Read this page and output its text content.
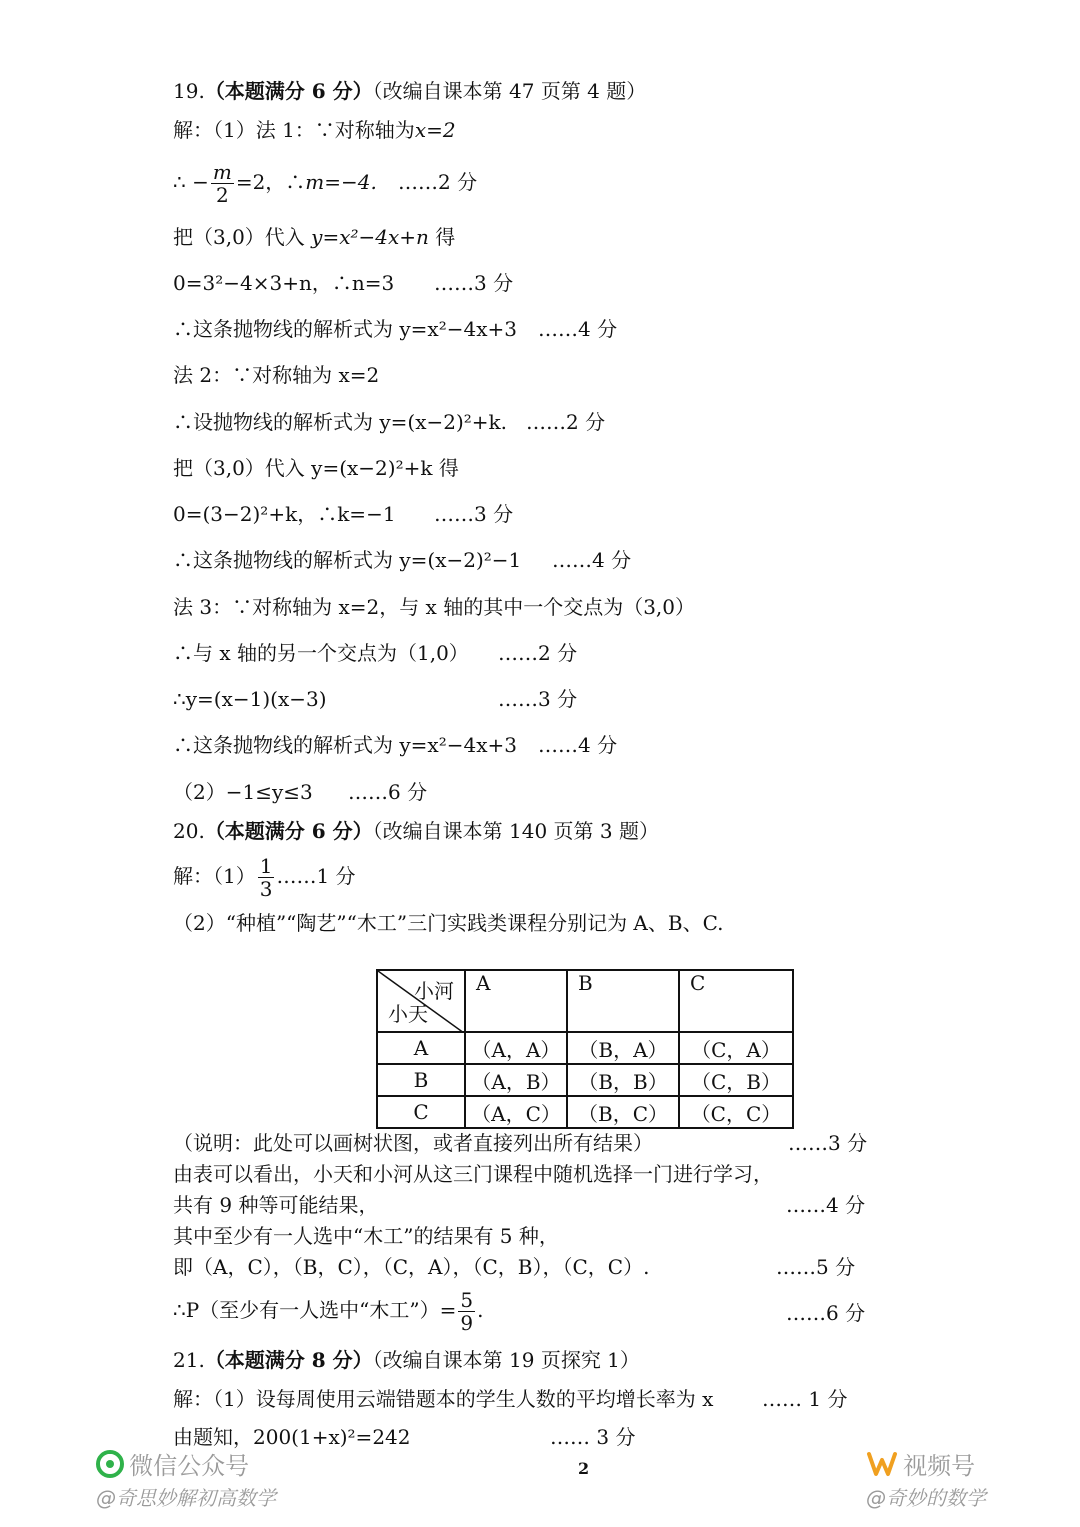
19.（本题满分 6 分）（改编自课本第 47 页第 4 题）
解：（1）法 1：∵对称轴为x=2
∴ − $\frac{m}{2} =2$，∴m=−4. ……2 分
把（3,0）代入 y=x²−4x+n 得
0=3²−4×3+n，∴n=3 ……3 分
∴这条抛物线的解析式为 y=x²−4x+3 ……4 分
法 2：∵对称轴为 x=2
∴设抛物线的解析式为 y=(x−2)²+k. ……2 分
把（3,0）代入 y=(x−2)²+k 得
0=(3−2)²+k，∴k=−1 ……3 分
∴这条抛物线的解析式为 y=(x−2)²−1 ……4 分
法 3：∵对称轴为 x=2，与 x 轴的其中一个交点为（3,0）
∴与 x 轴的另一个交点为（1,0） ……2 分
∴y=(x−1)(x−3)	……3 分
∴这条抛物线的解析式为 y=x²−4x+3 ……4 分
（2）−1≤y≤3 ……6 分
20.（本题满分 6 分）（改编自课本第 140 页第 3 题）
解：$(1) \frac{1}{3}$ ……1 分
（2）“种植”“陶艺”“木工”三门实践类课程分别记为 A、B、C.
小河
小天	A	B	C
A	（A，A）	（B，A）	（C，A）
B	（A，B）	（B，B）	（C，B）
C	（A，C）	（B，C）	（C，C）
（说明：此处可以画树状图，或者直接列出所有结果）	……3 分
由表可以看出，小天和小河从这三门课程中随机选择一门进行学习，
共有 9 种等可能结果，	……4 分
其中至少有一人选中“木工”的结果有 5 种，
即（A，C），（B，C），（C，A），（C，B），（C，C）.	……5 分
∴P（至少有一人选中“木工”）= $\frac{5}{9}$ .	……6 分
21.（本题满分 8 分）（改编自课本第 19 页探究 1）
解：（1）设每周使用云端错题本的学生人数的平均增长率为 x …… 1 分
由题知，200(1+x)²=242	…… 3 分
2
微信公众号
@奇思妙解初高数学
视频号
@奇妙的数学
